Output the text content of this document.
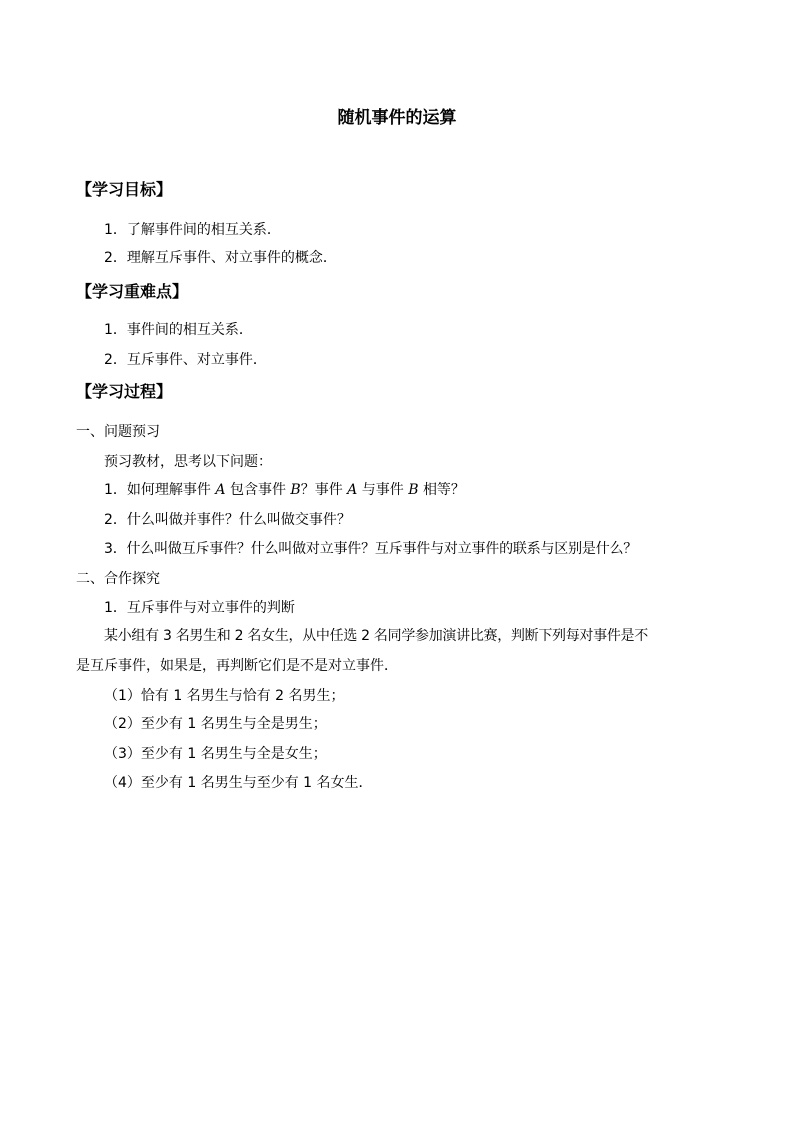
随机事件的运算
【学习目标】
1．了解事件间的相互关系．
2．理解互斥事件、对立事件的概念．
【学习重难点】
1．事件间的相互关系．
2．互斥事件、对立事件．
【学习过程】
一、问题预习
预习教材，思考以下问题：
1．如何理解事件 A 包含事件 B？事件 A 与事件 B 相等？
2．什么叫做并事件？什么叫做交事件？
3．什么叫做互斥事件？什么叫做对立事件？互斥事件与对立事件的联系与区别是什么？
二、合作探究
1．互斥事件与对立事件的判断
某小组有 3 名男生和 2 名女生，从中任选 2 名同学参加演讲比赛，判断下列每对事件是不
是互斥事件，如果是，再判断它们是不是对立事件．
（1）恰有 1 名男生与恰有 2 名男生；
（2）至少有 1 名男生与全是男生；
（3）至少有 1 名男生与全是女生；
（4）至少有 1 名男生与至少有 1 名女生．
